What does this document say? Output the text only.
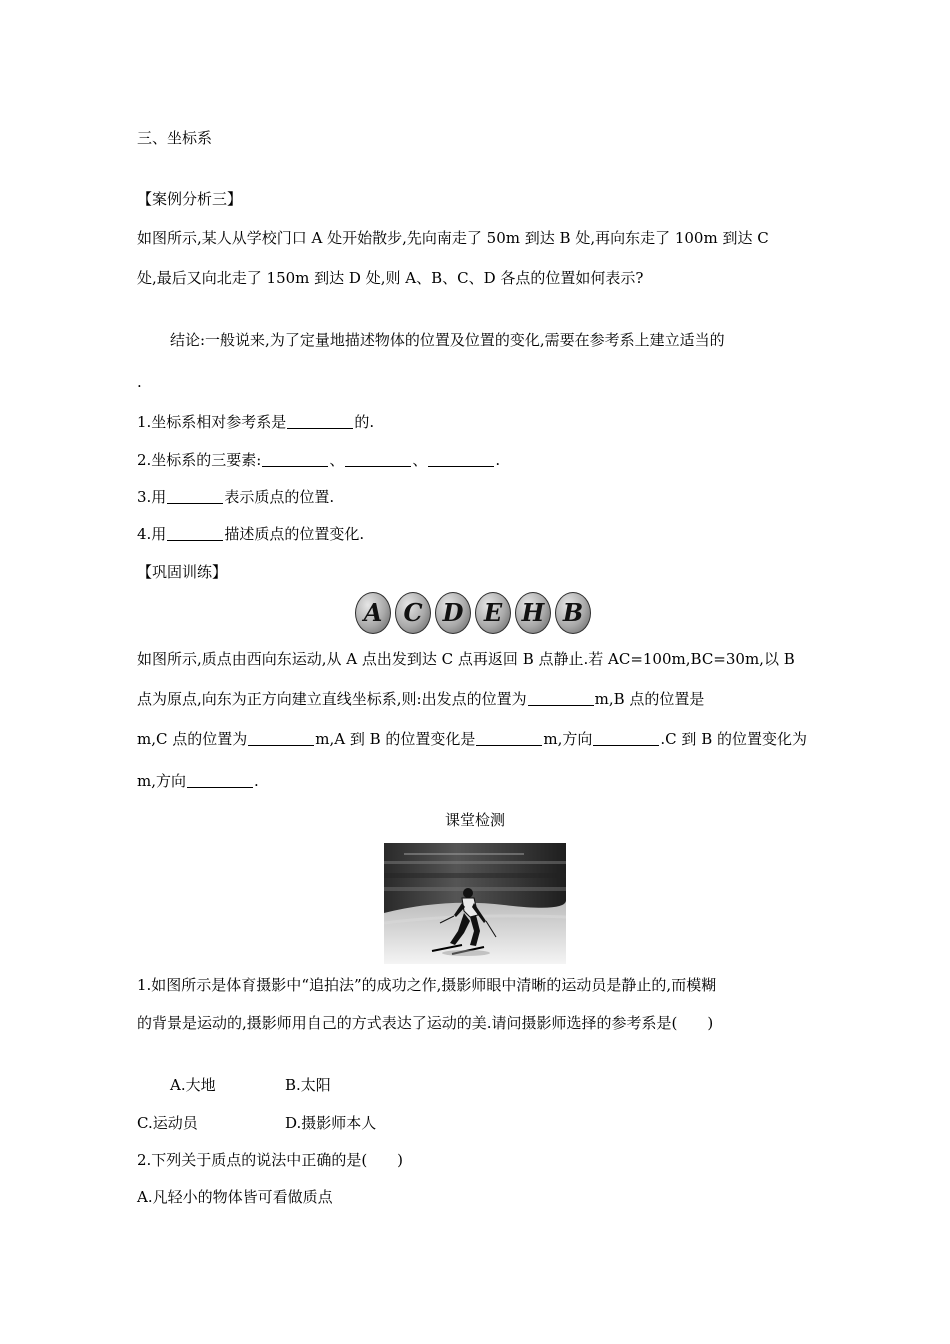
三、坐标系
【案例分析三】
如图所示,某人从学校门口 A 处开始散步,先向南走了 50m 到达 B 处,再向东走了 100m 到达 C
处,最后又向北走了 150m 到达 D 处,则 A、B、C、D 各点的位置如何表示?
结论:一般说来,为了定量地描述物体的位置及位置的变化,需要在参考系上建立适当的
.
1.坐标系相对参考系是	的.
2.坐标系的三要素:	、	、	.
3.用	表示质点的位置.
4.用	描述质点的位置变化.
【巩固训练】
A C D E H B
如图所示,质点由西向东运动,从 A 点出发到达 C 点再返回 B 点静止.若 AC=100m,BC=30m,以 B
点为原点,向东为正方向建立直线坐标系,则:出发点的位置为	m,B 点的位置是
m,C 点的位置为	m,A 到 B 的位置变化是	m,方向	.C 到 B 的位置变化为
m,方向	.
课堂检测
1.如图所示是体育摄影中“追拍法”的成功之作,摄影师眼中清晰的运动员是静止的,而模糊
的背景是运动的,摄影师用自己的方式表达了运动的美.请问摄影师选择的参考系是(　　)
A.大地	B.太阳
C.运动员	D.摄影师本人
2.下列关于质点的说法中正确的是(　　)
A.凡轻小的物体皆可看做质点
